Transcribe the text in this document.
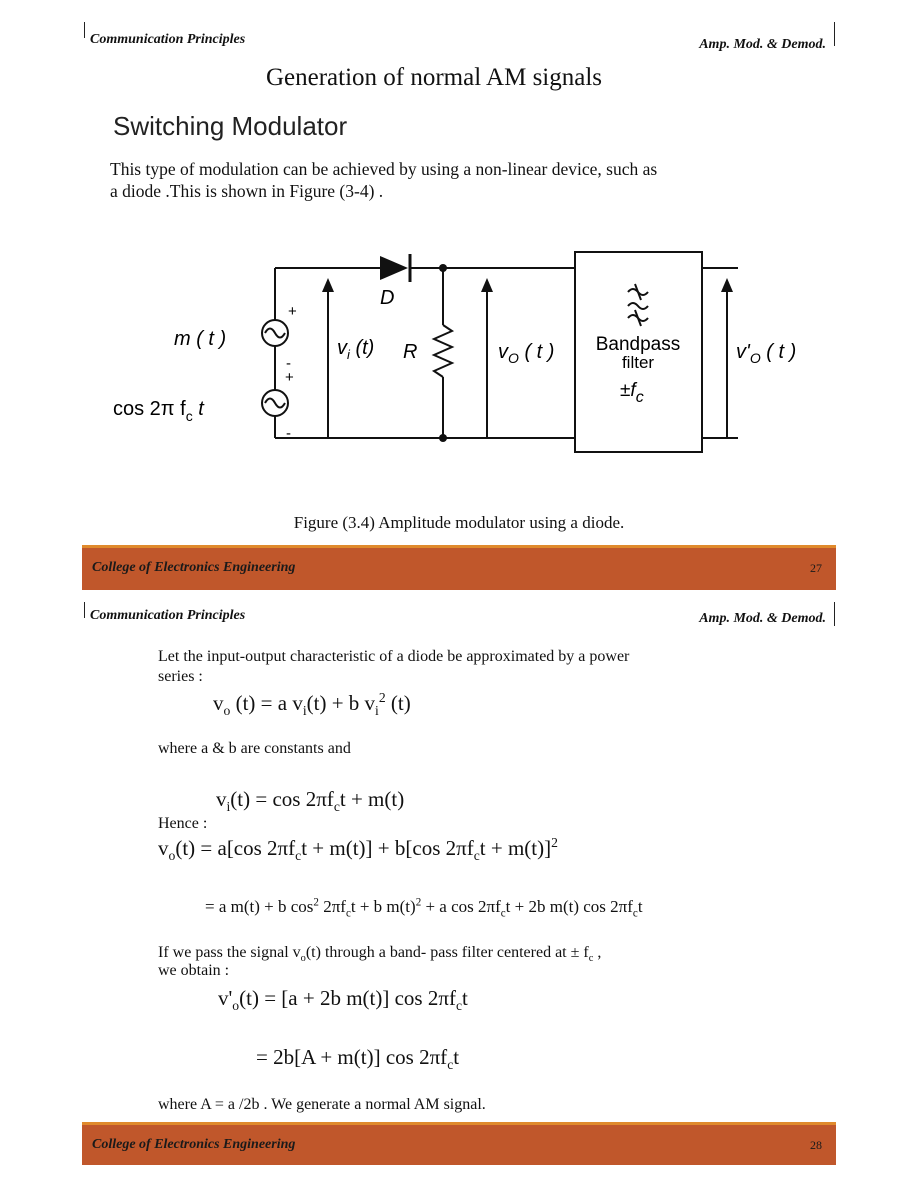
Communication Principles	Amp. Mod. & Demod.
Generation of normal AM signals
Switching Modulator
This type of modulation can be achieved by using a non-linear device, such as
a diode .This is shown in Figure (3-4) .
+
-
+
-
m ( t )
cos 2π $f_c$ t
D
R
$v_i$ (t)	$v_O$ ( t ) Bandpass
filter
$\pm f_c$
$v'_O$ ( t )
Figure (3.4) Amplitude modulator using a diode.
College of Electronics Engineering	27
Communication Principles	Amp. Mod. & Demod.
Let the input-output characteristic of a diode be approximated by a power
series :
$v_o$ (t) = a $v_i(t) + b$ $v_i^2$ (t)
where a & b are constants and
$v_i(t) = \cos 2\pi f_ct + m(t)$
Hence :
$v_o(t) = a[\cos$ $2\pi f_ct + m(t)] + b[\cos$ $2\pi f_ct + m(t)]^2$
= a m(t) + b $\cos^2 2\pi f_ct + b$ $m(t)^2 + a$ $\cos 2\pi f_ct + 2b$ m(t) $\cos 2\pi f_ct$
If we pass the signal $v_o(t)$ through a band- pass filter centered at ± $f_c$ ,
we obtain :
$v'_o(t) = [a + 2b$ m(t)] $\cos 2\pi f_ct$
= 2b[A + m(t)] $\cos 2\pi f_ct$
where A = a /2b . We generate a normal AM signal.
College of Electronics Engineering	28
